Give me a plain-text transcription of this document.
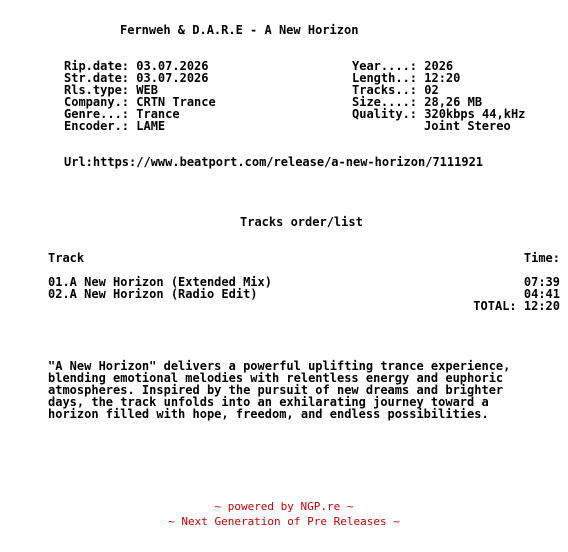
Fernweh & D.A.R.E - A New Horizon
Rip.date: 03.07.2026
Str.date: 03.07.2026
Rls.type: WEB
Company.: CRTN Trance
Genre...: Trance
Encoder.: LAME
Year....: 2026
Length..: 12:20
Tracks..: 02
Size....: 28,26 MB
Quality.: 320kbps 44,kHz
Joint Stereo
Url:https://www.beatport.com/release/a-new-horizon/7111921
Tracks order/list
Track	Time:
01.A New Horizon (Extended Mix)	07:39
02.A New Horizon (Radio Edit)	04:41
TOTAL: 12:20
"A New Horizon" delivers a powerful uplifting trance experience,
blending emotional melodies with relentless energy and euphoric
atmospheres. Inspired by the pursuit of new dreams and brighter
days, the track unfolds into an exhilarating journey toward a
horizon filled with hope, freedom, and endless possibilities.
~ powered by NGP.re ~
~ Next Generation of Pre Releases ~
